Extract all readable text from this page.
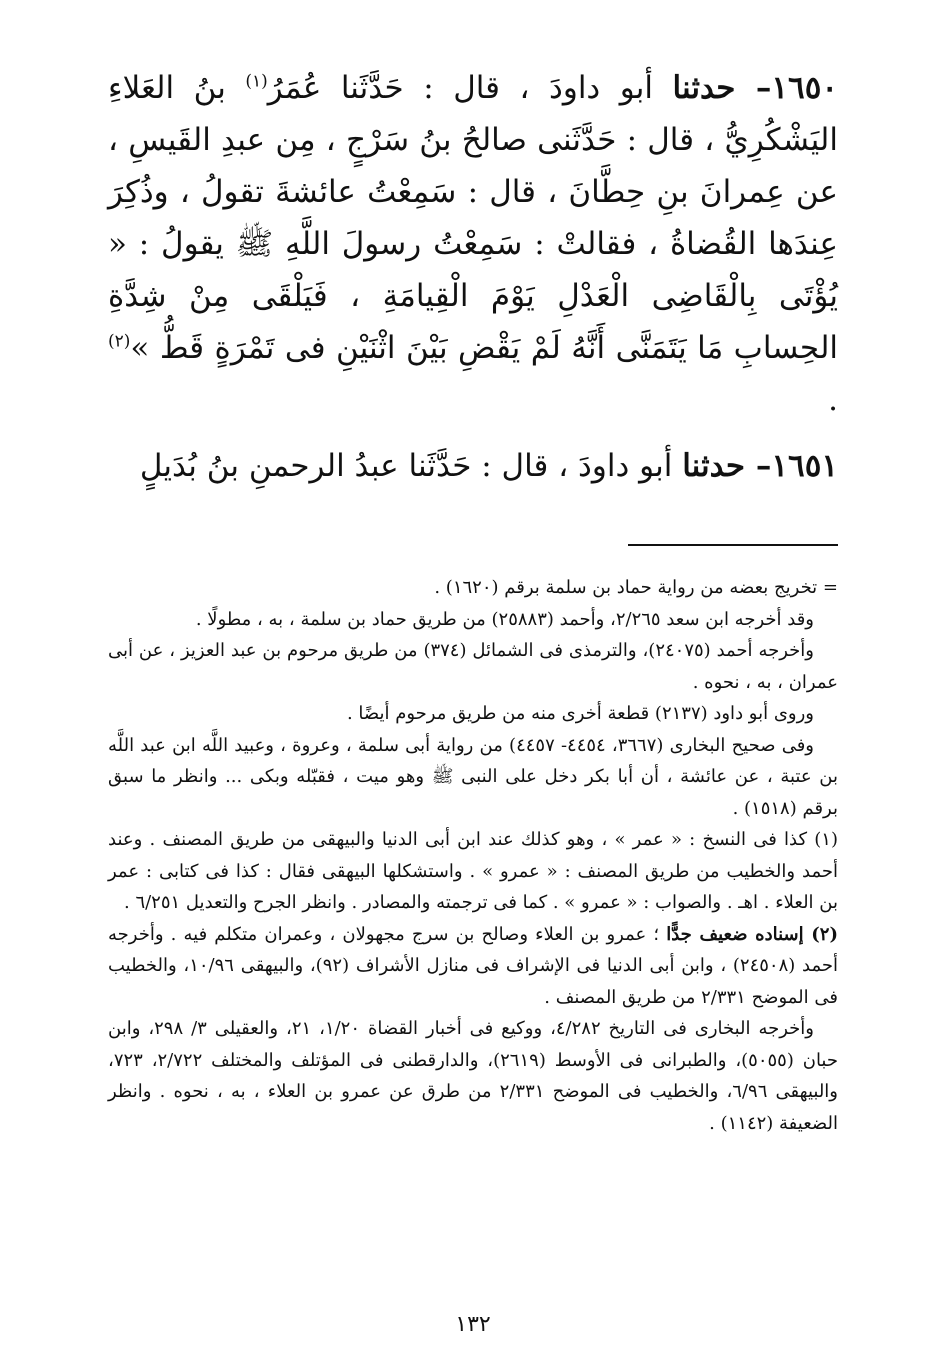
١٦٥٠– حدثنا أبو داودَ ، قال : حَدَّثَنا عُمَرُ$^{(١)}$ بنُ العَلاءِ اليَشْكُرِيُّ ، قال : حَدَّثَنى صالحُ بنُ سَرْجٍ ، مِن عبدِ القَيسِ ، عن عِمرانَ بنِ حِطَّانَ ، قال : سَمِعْتُ عائشةَ تقولُ ، وذُكِرَ عِندَها القُضاةُ ، فقالتْ : سَمِعْتُ رسولَ اللَّهِ ﷺ يقولُ : « يُؤْتَى بِالْقَاضِى الْعَدْلِ يَوْمَ الْقِيامَةِ ، فَيَلْقَى مِنْ شِدَّةِ الحِسابِ مَا يَتَمَنَّى أَنَّهُ لَمْ يَقْضِ بَيْنَ اثْنَيْنِ فى تَمْرَةٍ قَطُّ »$^{(٢)}$ .

١٦٥١– حدثنا أبو داودَ ، قال : حَدَّثَنا عبدُ الرحمنِ بنُ بُدَيلٍ

= تخريج بعضه من رواية حماد بن سلمة برقم (١٦٢٠) .

وقد أخرجه ابن سعد ٢/٢٦٥، وأحمد (٢٥٨٨٣) من طريق حماد بن سلمة ، به ، مطولًا .

وأخرجه أحمد (٢٤٠٧٥)، والترمذى فى الشمائل (٣٧٤) من طريق مرحوم بن عبد العزيز ، عن أبى عمران ، به ، نحوه .

وروى أبو داود (٢١٣٧) قطعة أخرى منه من طريق مرحوم أيضًا .

وفى صحيح البخارى (٣٦٦٧، ٤٤٥٤- ٤٤٥٧) من رواية أبى سلمة ، وعروة ، وعبيد اللَّه ابن عبد اللَّه بن عتبة ، عن عائشة ، أن أبا بكر دخل على النبى ﷺ وهو ميت ، فقبّله وبكى ... وانظر ما سبق برقم (١٥١٨) .

(١) كذا فى النسخ : « عمر » ، وهو كذلك عند ابن أبى الدنيا والبيهقى من طريق المصنف . وعند أحمد والخطيب من طريق المصنف : « عمرو » . واستشكلها البيهقى فقال : كذا فى كتابى : عمر بن العلاء . اهـ . والصواب : « عمرو » . كما فى ترجمته والمصادر . وانظر الجرح والتعديل ٦/٢٥١ .

(٢) إسناده ضعيف جدًّا ؛ عمرو بن العلاء وصالح بن سرج مجهولان ، وعمران متكلم فيه . وأخرجه أحمد (٢٤٥٠٨) ، وابن أبى الدنيا فى الإشراف فى منازل الأشراف (٩٢)، والبيهقى ١٠/٩٦، والخطيب فى الموضح ٢/٣٣١ من طريق المصنف .

وأخرجه البخارى فى التاريخ ٤/٢٨٢، ووكيع فى أخبار القضاة ١/٢٠، ٢١، والعقيلى ٣/ ٢٩٨، وابن حبان (٥٠٥٥)، والطبرانى فى الأوسط (٢٦١٩)، والدارقطنى فى المؤتلف والمختلف ٢/٧٢٢، ٧٢٣، والبيهقى ٦/٩٦، والخطيب فى الموضح ٢/٣٣١ من طرق عن عمرو بن العلاء ، به ، نحوه . وانظر الضعيفة (١١٤٢) .

١٣٢
